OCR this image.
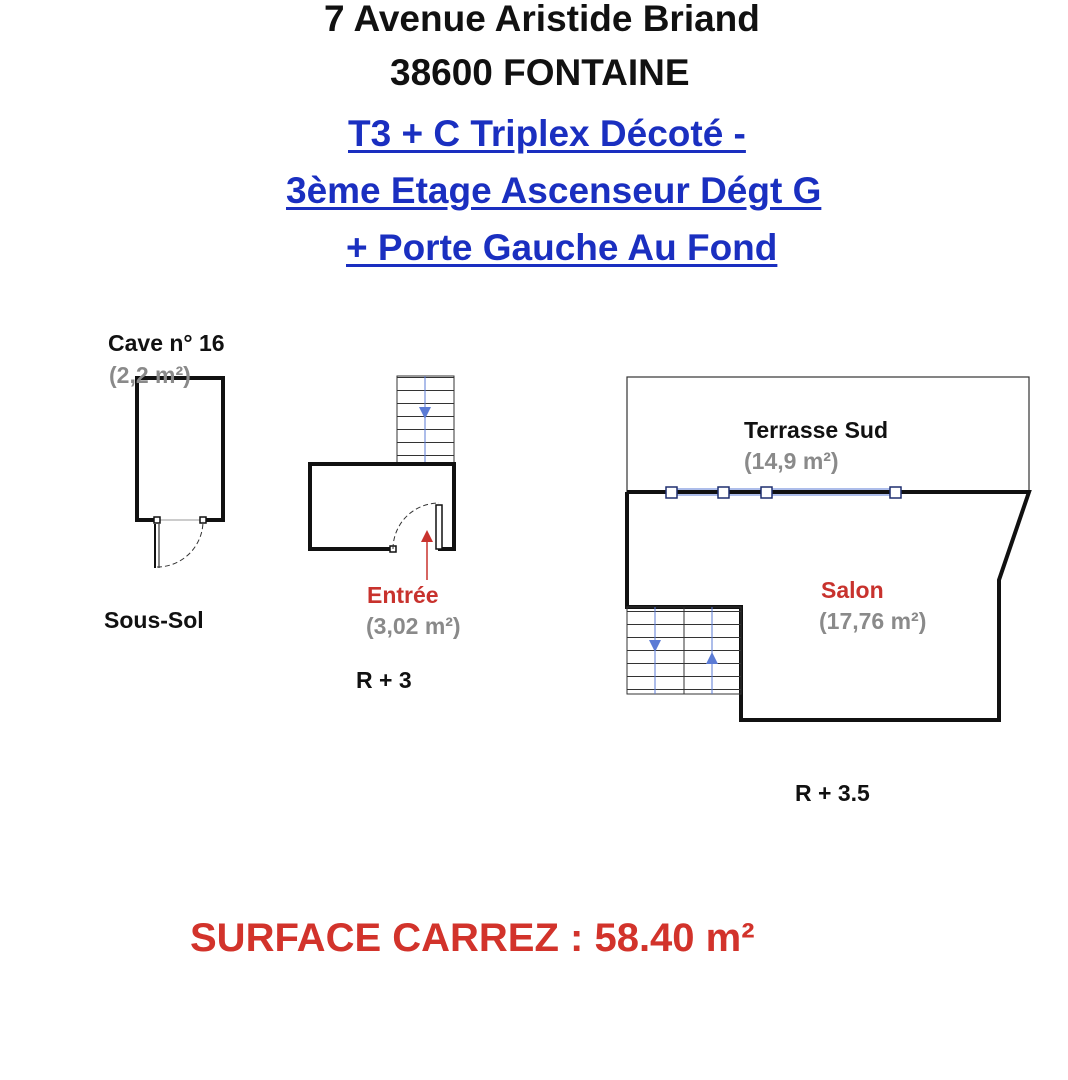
7 Avenue Aristide Briand
38600 FONTAINE
T3 + C Triplex Décoté -
3ème Etage Ascenseur Dégt G
+ Porte Gauche Au Fond
Cave n° 16
(2,2 m²)
Sous-Sol
Entrée
(3,02 m²)
R + 3
Terrasse Sud
(14,9 m²)
Salon
(17,76 m²)
R + 3.5
SURFACE CARREZ : 58.40 m²
